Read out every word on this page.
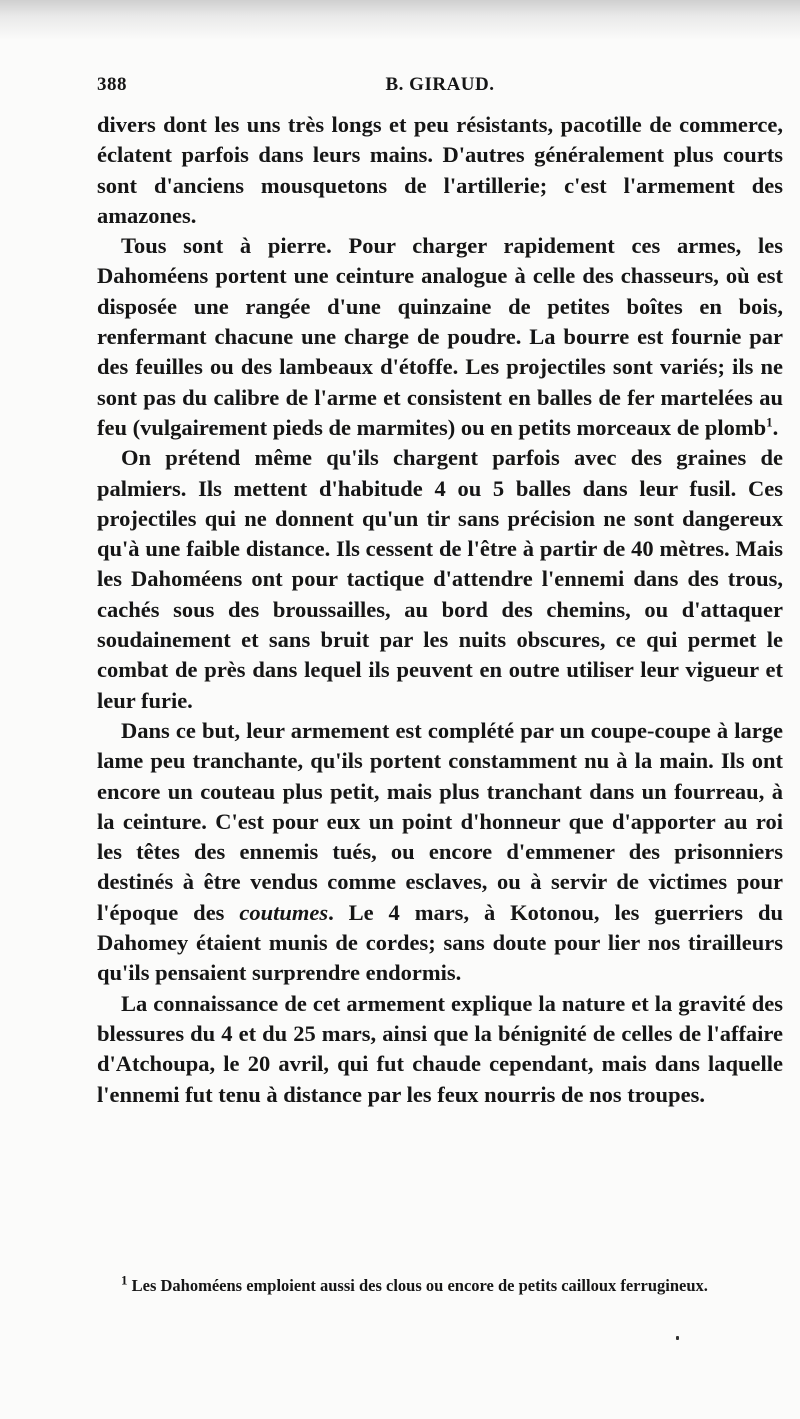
388	B. GIRAUD.

divers dont les uns très longs et peu résistants, pacotille de commerce, éclatent parfois dans leurs mains. D'autres généralement plus courts sont d'anciens mousquetons de l'artillerie; c'est l'armement des amazones.

Tous sont à pierre. Pour charger rapidement ces armes, les Dahoméens portent une ceinture analogue à celle des chasseurs, où est disposée une rangée d'une quinzaine de petites boîtes en bois, renfermant chacune une charge de poudre. La bourre est fournie par des feuilles ou des lambeaux d'étoffe. Les projectiles sont variés; ils ne sont pas du calibre de l'arme et consistent en balles de fer martelées au feu (vulgairement pieds de marmites) ou en petits morceaux de plomb$^1$.

On prétend même qu'ils chargent parfois avec des graines de palmiers. Ils mettent d'habitude 4 ou 5 balles dans leur fusil. Ces projectiles qui ne donnent qu'un tir sans précision ne sont dangereux qu'à une faible distance. Ils cessent de l'être à partir de 40 mètres. Mais les Dahoméens ont pour tactique d'attendre l'ennemi dans des trous, cachés sous des broussailles, au bord des chemins, ou d'attaquer soudainement et sans bruit par les nuits obscures, ce qui permet le combat de près dans lequel ils peuvent en outre utiliser leur vigueur et leur furie.

Dans ce but, leur armement est complété par un coupe-coupe à large lame peu tranchante, qu'ils portent constamment nu à la main. Ils ont encore un couteau plus petit, mais plus tranchant dans un fourreau, à la ceinture. C'est pour eux un point d'honneur que d'apporter au roi les têtes des ennemis tués, ou encore d'emmener des prisonniers destinés à être vendus comme esclaves, ou à servir de victimes pour l'époque des coutumes. Le 4 mars, à Kotonou, les guerriers du Dahomey étaient munis de cordes; sans doute pour lier nos tirailleurs qu'ils pensaient surprendre endormis.

La connaissance de cet armement explique la nature et la gravité des blessures du 4 et du 25 mars, ainsi que la bénignité de celles de l'affaire d'Atchoupa, le 20 avril, qui fut chaude cependant, mais dans laquelle l'ennemi fut tenu à distance par les feux nourris de nos troupes.

$^1$ Les Dahoméens emploient aussi des clous ou encore de petits cailloux ferrugineux.
